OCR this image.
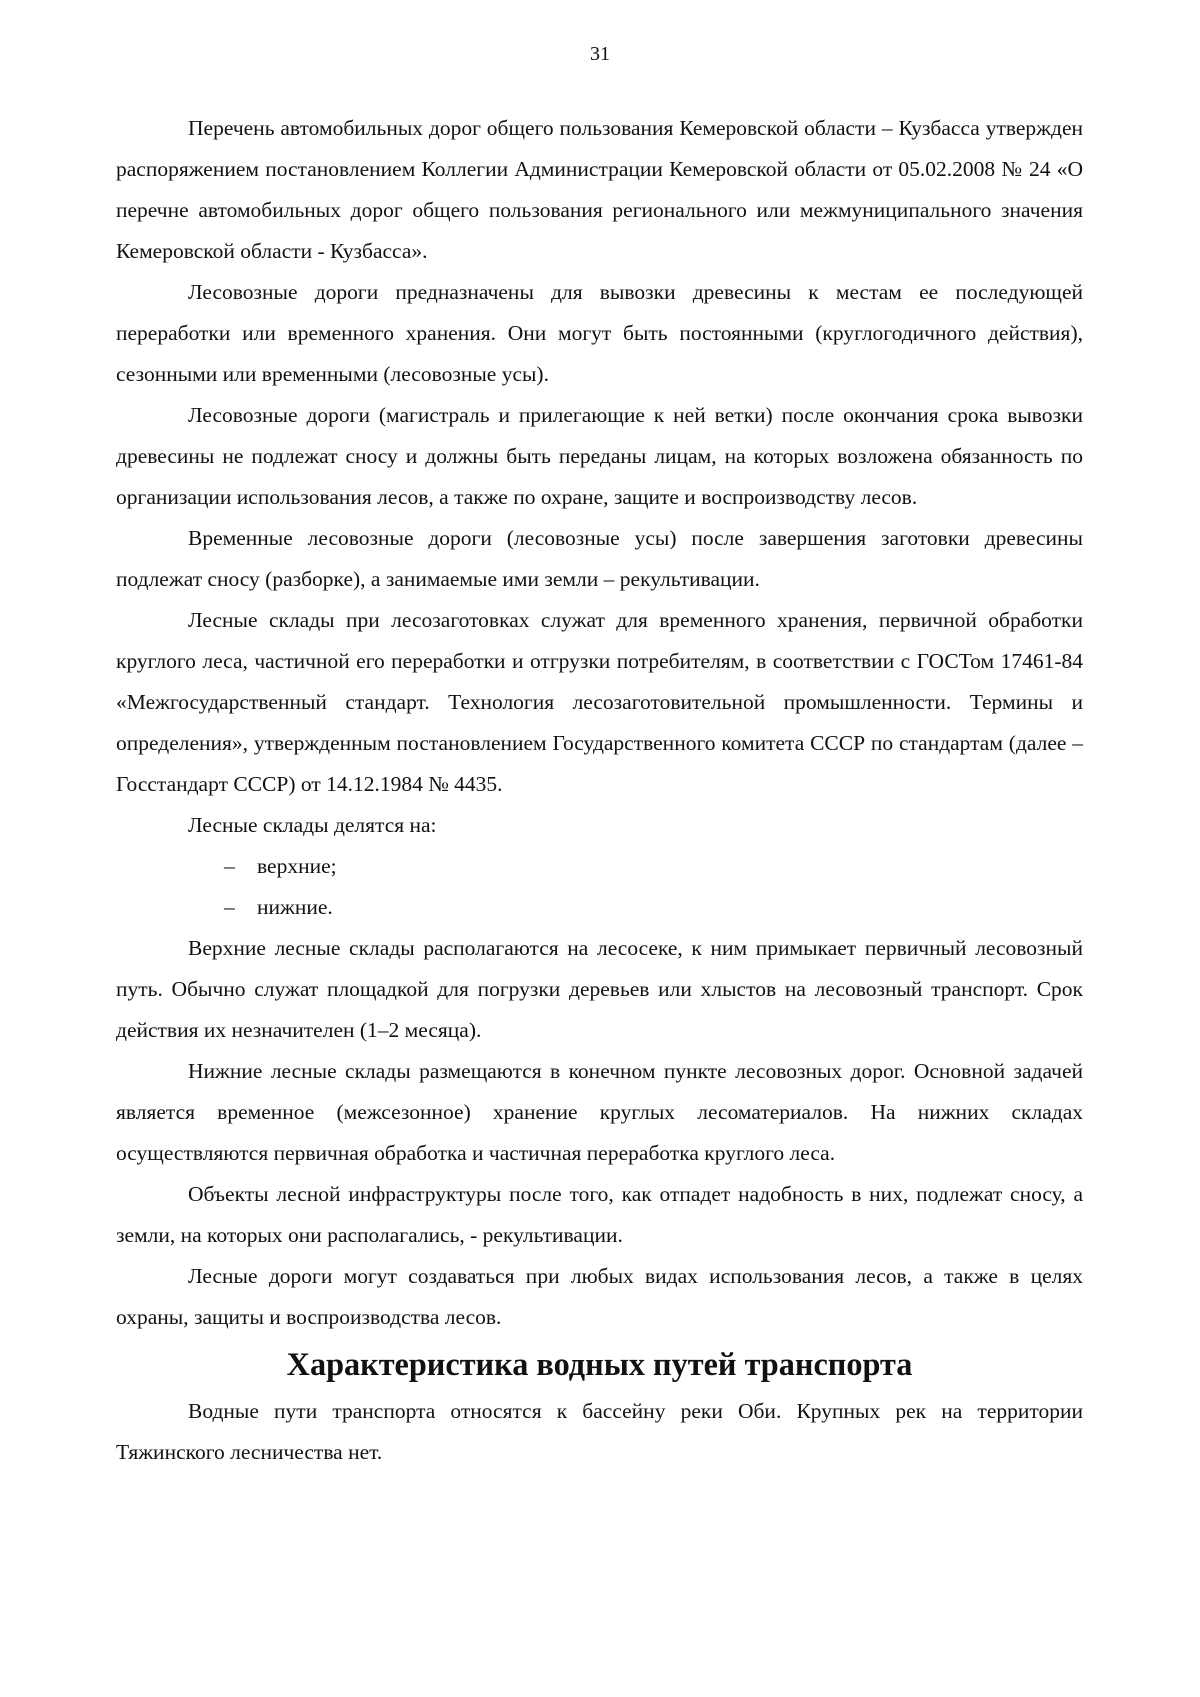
31

Перечень автомобильных дорог общего пользования Кемеровской области – Кузбасса утвержден распоряжением постановлением Коллегии Администрации Кемеровской области от 05.02.2008 № 24 «О перечне автомобильных дорог общего пользования регионального или межмуниципального значения Кемеровской области - Кузбасса».

Лесовозные дороги предназначены для вывозки древесины к местам ее последующей переработки или временного хранения. Они могут быть постоянными (круглогодичного действия), сезонными или временными (лесовозные усы).

Лесовозные дороги (магистраль и прилегающие к ней ветки) после окончания срока вывозки древесины не подлежат сносу и должны быть переданы лицам, на которых возложена обязанность по организации использования лесов, а также по охране, защите и воспроизводству лесов.

Временные лесовозные дороги (лесовозные усы) после завершения заготовки древесины подлежат сносу (разборке), а занимаемые ими земли – рекультивации.

Лесные склады при лесозаготовках служат для временного хранения, первичной обработки круглого леса, частичной его переработки и отгрузки потребителям, в соответствии с ГОСТом 17461-84 «Межгосударственный стандарт. Технология лесозаготовительной промышленности. Термины и определения», утвержденным постановлением Государственного комитета СССР по стандартам (далее – Госстандарт СССР) от 14.12.1984 № 4435.

Лесные склады делятся на:

– верхние;
– нижние.

Верхние лесные склады располагаются на лесосеке, к ним примыкает первичный лесовозный путь. Обычно служат площадкой для погрузки деревьев или хлыстов на лесовозный транспорт. Срок действия их незначителен (1–2 месяца).

Нижние лесные склады размещаются в конечном пункте лесовозных дорог. Основной задачей является временное (межсезонное) хранение круглых лесоматериалов. На нижних складах осуществляются первичная обработка и частичная переработка круглого леса.

Объекты лесной инфраструктуры после того, как отпадет надобность в них, подлежат сносу, а земли, на которых они располагались, - рекультивации.

Лесные дороги могут создаваться при любых видах использования лесов, а также в целях охраны, защиты и воспроизводства лесов.

Характеристика водных путей транспорта

Водные пути транспорта относятся к бассейну реки Оби. Крупных рек на территории Тяжинского лесничества нет.
